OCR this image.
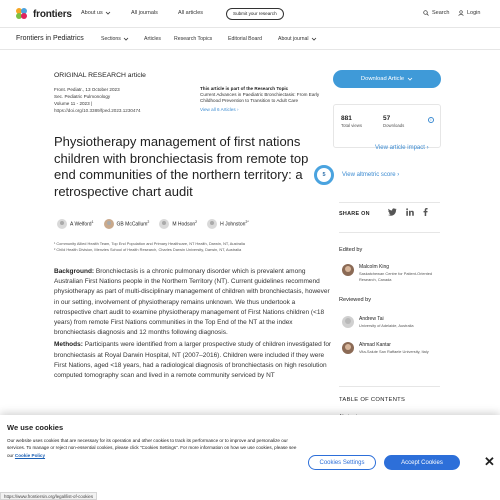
frontiers About us	All journals	All articles	Submit your research	Search	Login
Frontiers in Pediatrics	Sections	Articles Research Topics	Editorial Board	About journal
ORIGINAL RESEARCH article
Front. Pediatr., 13 October 2023
Sec. Pediatric Pulmonology
Volume 11 - 2023 |
https://doi.org/10.3389/fped.2023.1230474
This article is part of the Research Topic
Current Advances in Paediatric Bronchiectasis: From Early Childhood Prevention to Transition to Adult Care
View all 6 Articles ›
Physiotherapy management of first nations children with bronchiectasis from remote top end communities of the northern territory: a retrospective chart audit
A Welford$^1$	GB McCallum$^2$	M Hodson$^2$	H Johnston$^{2*}$
¹ Community Allied Health Team, Top End Population and Primary Healthcare, NT Health, Darwin, NT, Australia
² Child Health Division, Menzies School of Health Research, Charles Darwin University, Darwin, NT, Australia

Background: Bronchiectasis is a chronic pulmonary disorder which is prevalent among Australian First Nations people in the Northern Territory (NT). Current guidelines recommend physiotherapy as part of multi-disciplinary management of children with bronchiectasis, however in our setting, involvement of physiotherapy remains unknown. We thus undertook a retrospective chart audit to examine physiotherapy management of First Nations children (<18 years) from remote First Nations communities in the Top End of the NT at the index bronchiectasis diagnosis and 12 months following diagnosis.

Methods: Participants were identified from a larger prospective study of children investigated for bronchiectasis at Royal Darwin Hospital, NT (2007–2016). Children were included if they were First Nations, aged <18 years, had a radiological diagnosis of bronchiectasis on high resolution computed tomography scan and lived in a remote community serviced by NT

Download Article
881
Total views
57
Downloads
i
View article impact ›
5	View altmetric score ›
SHARE ON
Edited by
Malcolm King
Saskatchewan Centre for Patient-Oriented Research, Canada
Reviewed by
Andrew Tai
University of Adelaide, Australia
Ahmad Kantar
Vita-Salute San Raffaele University, Italy
TABLE OF CONTENTS
We use cookies
Our website uses cookies that are necessary for its operation and other cookies to track its performance or to improve and personalize our services. To manage or reject non-essential cookies, please click "Cookies Settings". For more information on how we use cookies, please see our Cookie Policy
Cookies Settings	Accept Cookies	✕
https://www.frontiersin.org/legal/list-of-cookies
